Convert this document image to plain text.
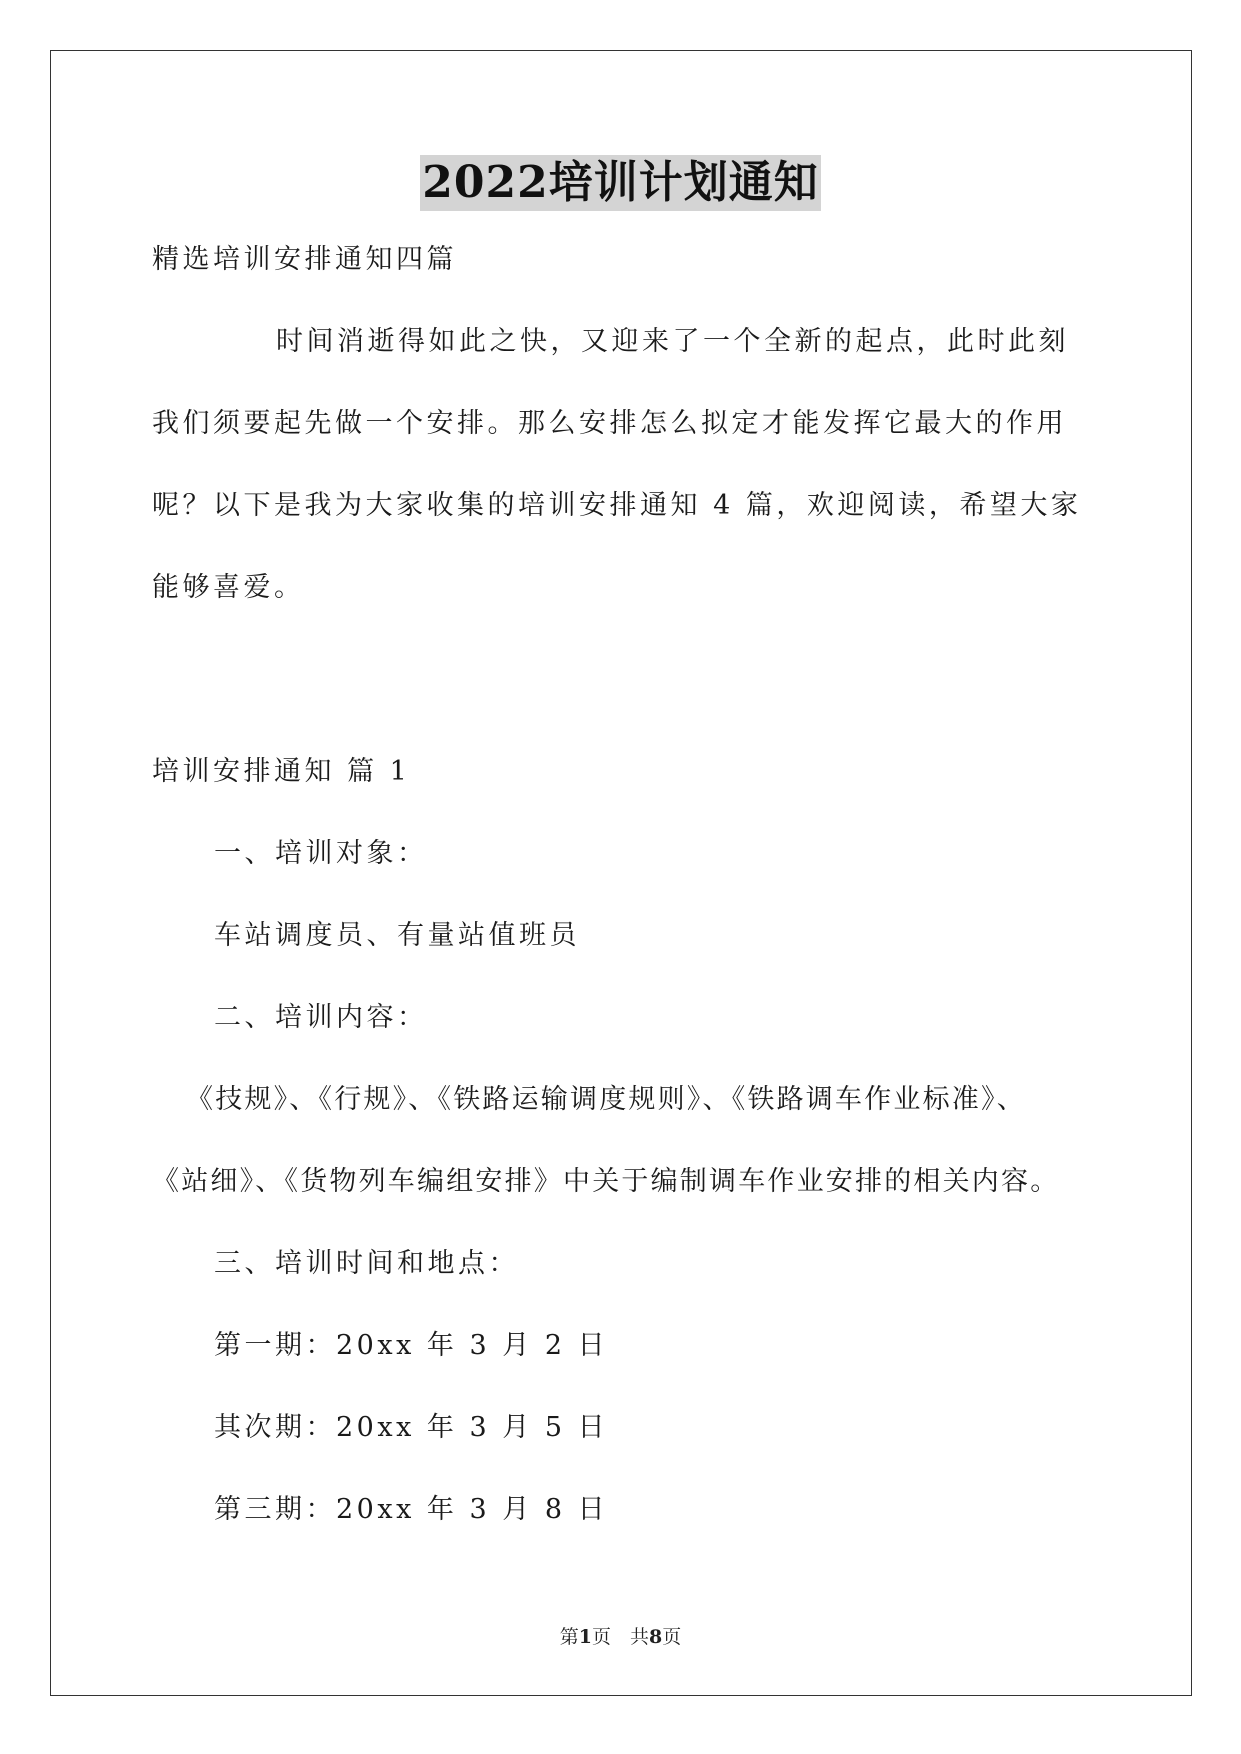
2022培训计划通知
精选培训安排通知四篇
时间消逝得如此之快，又迎来了一个全新的起点，此时此刻
我们须要起先做一个安排。那么安排怎么拟定才能发挥它最大的作用
呢？以下是我为大家收集的培训安排通知 4 篇，欢迎阅读，希望大家
能够喜爱。
培训安排通知 篇 1
一、培训对象：
车站调度员、有量站值班员
二、培训内容：
《技规》、《行规》、《铁路运输调度规则》、《铁路调车作业标准》、
《站细》、《货物列车编组安排》中关于编制调车作业安排的相关内容。
三、培训时间和地点：
第一期：20xx 年 3 月 2 日
其次期：20xx 年 3 月 5 日
第三期：20xx 年 3 月 8 日
第1页　共8页
